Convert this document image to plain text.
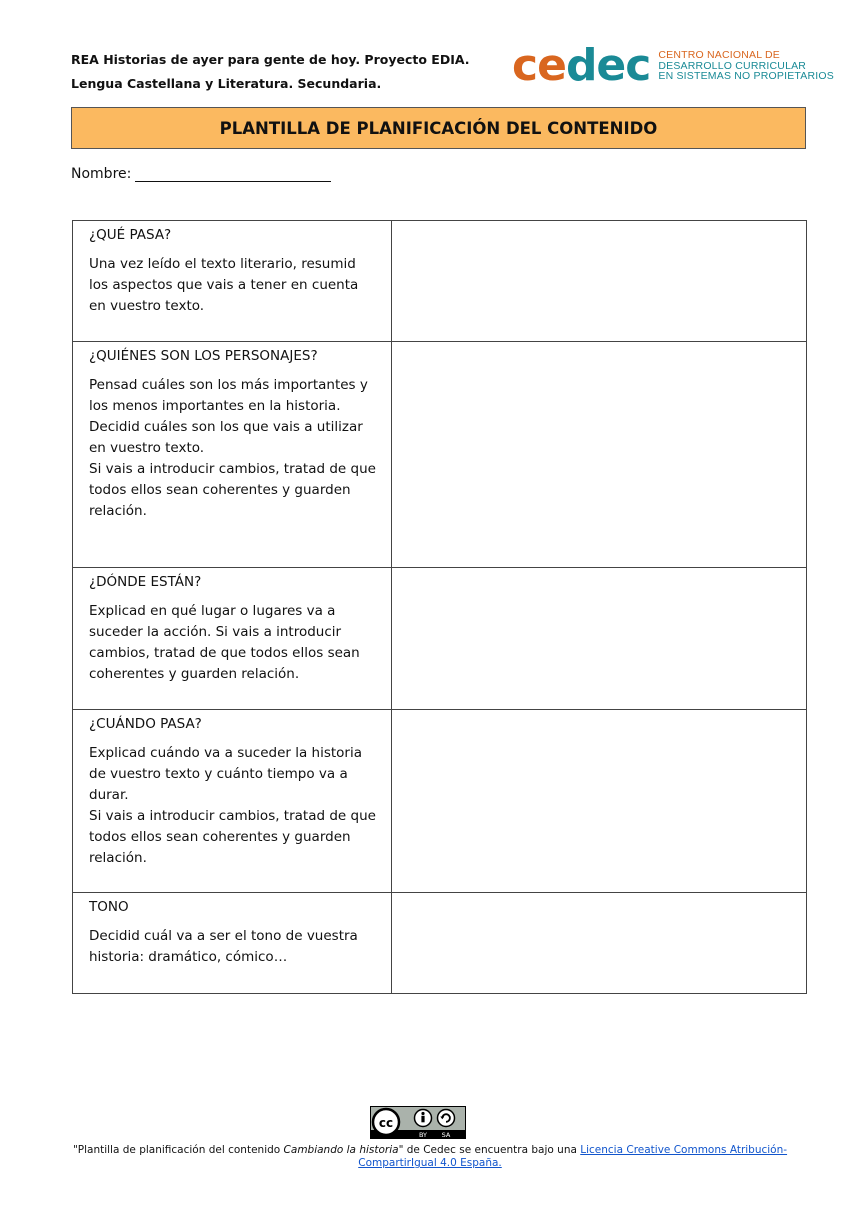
REA Historias de ayer para gente de hoy. Proyecto EDIA.
Lengua Castellana y Literatura. Secundaria.	cedec CENTRO NACIONAL DE
DESARROLLO CURRICULAR
EN SISTEMAS NO PROPIETARIOS
PLANTILLA DE PLANIFICACIÓN DEL CONTENIDO
Nombre:
¿QUÉ PASA?
Una vez leído el texto literario, resumid los aspectos que vais a tener en cuenta en vuestro texto.	

¿QUIÉNES SON LOS PERSONAJES?
Pensad cuáles son los más importantes y los menos importantes en la historia.
Decidid cuáles son los que vais a utilizar en vuestro texto.
Si vais a introducir cambios, tratad de que todos ellos sean coherentes y guarden relación.	

¿DÓNDE ESTÁN?
Explicad en qué lugar o lugares va a suceder la acción. Si vais a introducir cambios, tratad de que todos ellos sean coherentes y guarden relación.	

¿CUÁNDO PASA?
Explicad cuándo va a suceder la historia de vuestro texto y cuánto tiempo va a durar.
Si vais a introducir cambios, tratad de que todos ellos sean coherentes y guarden relación.	

TONO
Decidid cuál va a ser el tono de vuestra historia: dramático, cómico…	

cc
BY SA
"Plantilla de planificación del contenido Cambiando la historia" de Cedec se encuentra bajo una Licencia Creative Commons Atribución-CompartirIgual 4.0 España.
